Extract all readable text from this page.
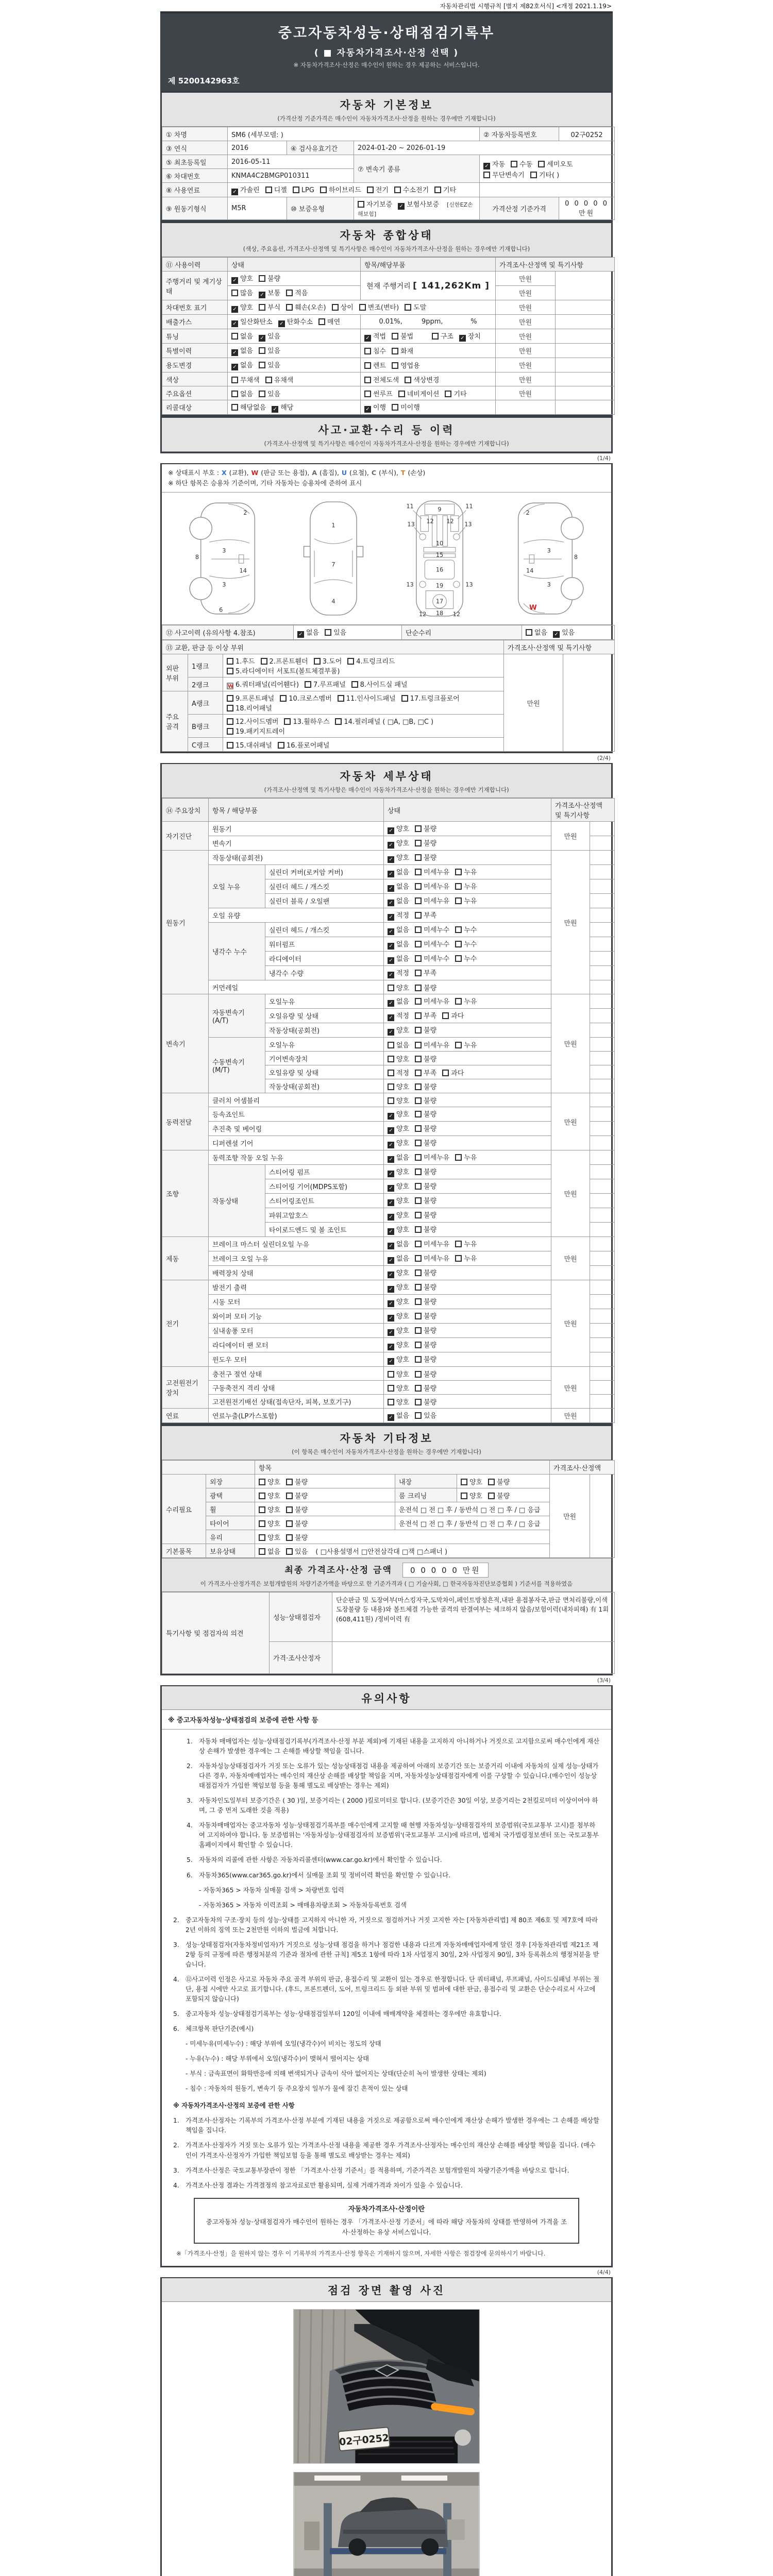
자동차관리법 시행규칙 [별지 제82호서식] <개정 2021.1.19>
중고자동차성능·상태점검기록부
( ■ 자동차가격조사·산정 선택 )
※ 자동차가격조사·산정은 매수인이 원하는 경우 제공하는 서비스입니다.
제 5200142963호
자동차 기본정보
(가격산정 기준가격은 매수인이 자동차가격조사·산정을 원하는 경우에만 기재합니다)
① 차명	SM6 (세부모델: )			② 자동차등록번호	02구0252
③ 연식	2016	④ 검사유효기간	2024-01-20 ~ 2026-01-19		
⑤ 최초등록일	2016-05-11		⑦ 변속기 종류	✓ 자동 수동 세미오토
무단변속기 기타( )	

⑥ 차대번호	KNMA4C2BMGP010311				
⑧ 사용연료	✓ 가솔린 디젤 LPG 하이브리드 전기 수소전기 기타				
⑨ 원동기형식	M5R	⑩ 보증유형	자기보증 ✓ 보험사보증 [신한EZ손해보험]	가격산정 기준가격	0 0 0 0 0 만원
자동차 종합상태
(색상, 주요옵션, 가격조사·산정액 및 특기사항은 매수인이 자동차가격조사·산정을 원하는 경우에만 기재합니다)
⑪ 사용이력	상태	항목/해당부품	가격조사·산정액 및 특기사항	
주행거리 및 계기상태	✓ 양호 불량	현재 주행거리 [ 141,262Km ]	만원	
	많음 ✓ 보통 적음		만원	
차대번호 표기	✓ 양호 부식 훼손(오손) 상이 변조(변타) 도말		만원	
배출가스	✓ 일산화탄소 ✓ 탄화수소 매연	0.01%,         9ppm,             %	만원	
튜닝	없음 ✓ 있음	✓ 적법 불법 구조 ✓ 장치	만원	
특별이력	✓ 없음 있음	침수 화재	만원	
용도변경	✓ 없음 있음	렌트 영업용	만원	
색상	무채색 유채색	전체도색 색상변경	만원	
주요옵션	없음 있음	썬루프 네비게이션 기타	만원	
리콜대상	해당없음 ✓ 해당	✓ 이행 미이행		
사고·교환·수리 등 이력
(가격조사·산정액 및 특기사항은 매수인이 자동차가격조사·산정을 원하는 경우에만 기재합니다)
(1/4)
※ 상태표시 부호 : X (교환), W (판금 또는 용접), A (흠집), U (요철), C (부식), T (손상)
※ 하단 항목은 승용차 기준이며, 기타 자동차는 승용차에 준하여 표시
2
8
3
14
3
6
1
7
4
11	9	11
13 12 12 13
10
15
16
13	19	13
12
17
12
18
2
3
8
14
3
W
⑫ 사고이력 (유의사항 4.참조)	✓ 없음 있음	단순수리	없음 ✓ 있음
⑬ 교환, 판금 등 이상 부위			가격조사·산정액 및 특기사항	
외판부위	1랭크	1.후드 2.프론트휀더 3.도어 4.트렁크리드
5.라디에이터 서포트(볼트체결부품)	만원	
	2랭크	W 6.쿼터패널(리어휀다) 7.루프패널 8.사이드실 패널		

주요골격	A랭크	9.프론트패널 10.크로스멤버 11.인사이드패널 17.트렁크플로어
18.리어패널		

	B랭크	12.사이드멤버 13.휠하우스 14.필러패널 ( □A, □B, □C )
19.패키지트레이		

	C랭크	15.대쉬패널 16.플로어패널		
(2/4)
자동차 세부상태
(가격조사·산정액 및 특기사항은 매수인이 자동차가격조사·산정을 원하는 경우에만 기재합니다)
⑭ 주요장치	항목 / 해당부품		상태	가격조사·산정액 및 특기사항	
자기진단	원동기		✓ 양호 불량	만원	
	변속기		✓ 양호 불량		
원동기	작동상태(공회전)		✓ 양호 불량	만원	
	오일 누유	실린더 커버(로커암 커버)	✓ 없음 미세누유 누유		
		실린더 헤드 / 개스킷	✓ 없음 미세누유 누유		
		실린더 블록 / 오일팬	✓ 없음 미세누유 누유		
	오일 유량		✓ 적정 부족		
	냉각수 누수	실린더 헤드 / 개스킷	✓ 없음 미세누수 누수		
		워터펌프	✓ 없음 미세누수 누수		
		라디에이터	✓ 없음 미세누수 누수		
		냉각수 수량	✓ 적정 부족		
	커먼레일		양호 불량		
변속기	자동변속기 (A/T)	오일누유	✓ 없음 미세누유 누유	만원	
		오일유량 및 상태	✓ 적정 부족 과다		
		작동상태(공회전)	✓ 양호 불량		
	수동변속기 (M/T)	오일누유	없음 미세누유 누유		
		기어변속장치	양호 불량		
		오일유량 및 상태	적정 부족 과다		
		작동상태(공회전)	양호 불량		
동력전달	클러치 어셈블리		양호 불량	만원	
	등속죠인트		✓ 양호 불량		
	추진축 및 베어링		✓ 양호 불량		
	디퍼렌셜 기어		✓ 양호 불량		
조향	동력조향 작동 오일 누유		✓ 없음 미세누유 누유	만원	
	작동상태	스티어링 펌프	✓ 양호 불량		
		스티어링 기어(MDPS포함)	✓ 양호 불량		
		스티어링조인트	✓ 양호 불량		
		파워고압호스	✓ 양호 불량		
		타이로드엔드 및 볼 조인트	✓ 양호 불량		
제동	브레이크 마스터 실린더오일 누유		✓ 없음 미세누유 누유	만원	
	브레이크 오일 누유		✓ 없음 미세누유 누유		
	배력장치 상태		✓ 양호 불량		
전기	발전기 출력		✓ 양호 불량	만원	
	시동 모터		✓ 양호 불량		
	와이퍼 모터 기능		✓ 양호 불량		
	실내송풍 모터		✓ 양호 불량		
	라디에이터 팬 모터		✓ 양호 불량		
	윈도우 모터		✓ 양호 불량		
고전원전기장치	충전구 절연 상태		양호 불량	만원	
	구동축전지 격리 상태		양호 불량		
	고전원전기배선 상태(접속단자, 피복, 보호기구)		양호 불량		
연료	연료누출(LP가스포함)		✓ 없음 있음	만원	
자동차 기타정보
(이 항목은 매수인이 자동차가격조사·산정을 원하는 경우에만 기재합니다)
		항목			가격조사·산정액	
수리필요	외장	양호 불량	내장	양호 불량	만원	
	광택	양호 불량	룸 크리닝	양호 불량		
	휠	양호 불량	운전석 □ 전 □ 후 / 동반석 □ 전 □ 후 / □ 응급			
	타이어	양호 불량	운전석 □ 전 □ 후 / 동반석 □ 전 □ 후 / □ 응급			
	유리	양호 불량				
기본품목	보유상태	없음 있음 ( □사용설명서 □안전삼각대 □잭 □스패너 )				
최종 가격조사·산정 금액 0 0 0 0 0 만원
이 가격조사·산정가격은 보험개발원의 차량기준가액을 바탕으로 한 기준가격과 ( □ 기술사회, □ 한국자동차진단보증협회 ) 기준서를 적용하였음
특기사항 및 점검자의 의견	성능·상태점검자	단순판금 및 도장여부(마스킹자국,도막차이,페인트방청흔적,내판 용접봉자국,판금 면처리불량,이색도장불량 등 내용)와 볼트체결 가능한 골격의 판결여부는 체크하지 않음/보험이력(내차피해) 有 1회 (608,411원) /정비이력 有
	가격·조사산정자	
(3/4)
유의사항
※ 중고자동차성능·상태점검의 보증에 관한 사항 등
1. 자동차 매매업자는 성능·상태점검기록부(가격조사·산정 부분 제외)에 기재된 내용을 고지하지 아니하거나 거짓으로 고지함으로써 매수인에게 재산상 손해가 발생한 경우에는 그 손해를 배상할 책임을 집니다.
2. 자동차성능상태점검자가 거짓 또는 오류가 있는 성능상태점검 내용을 제공하여 아래의 보증기간 또는 보증거리 이내에 자동차의 실제 성능·상태가 다른 경우, 자동차매매업자는 매수인의 재산상 손해를 배상할 책임을 지며, 자동차성능상태점검자에게 이를 구상할 수 있습니다.(매수인이 성능상태점검자가 가입한 책임보험 등을 통해 별도로 배상받는 경우는 제외)
3. 자동차인도일부터 보증기간은 ( 30 )일, 보증거리는 ( 2000 )킬로미터로 합니다. (보증기간은 30일 이상, 보증거리는 2천킬로미터 이상이어야 하며, 그 중 먼저 도래한 것을 적용)
4. 자동차매매업자는 중고자동차 성능·상태점검기록부를 매수인에게 고지할 때 현행 자동차성능·상태점검자의 보증범위(국토교통부 고시)를 첨부하여 고지하여야 합니다. 동 보증범위는 '자동차성능·상태점검자의 보증범위'(국토교통부 고시)에 따르며, 법제처 국가법령정보센터 또는 국토교통부 홈페이지에서 확인할 수 있습니다.
5. 자동차의 리콜에 관한 사항은 자동차리콜센터(www.car.go.kr)에서 확인할 수 있습니다.
6. 자동차365(www.car365.go.kr)에서 실매물 조회 및 정비이력 확인을 확인할 수 있습니다.
- 자동차365 > 자동차 실매물 검색 > 차량번호 입력
- 자동차365 > 자동차 이력조회 > 매매용차량조회 > 자동차등록번호 검색
2. 중고자동차의 구조·장치 등의 성능·상태를 고지하지 아니한 자, 거짓으로 점검하거나 거짓 고지한 자는 [자동차관리법] 제 80조 제6호 및 제7호에 따라 2년 이하의 징역 또는 2천만원 이하의 벌금에 처합니다.
3. 성능·상태점검자(자동차정비업자)가 거짓으로 성능·상태 점검을 하거나 점검한 내용과 다르게 자동차매매업자에게 알린 경우 [자동차관리법 제21조 제2항 등의 규정에 따른 행정처분의 기준과 절차에 관한 규칙] 제5조 1항에 따라 1차 사업정지 30일, 2차 사업정지 90일, 3차 등록취소의 행정처분을 받습니다.
4. ⑫사고이력 인정은 사고로 자동차 주요 골격 부위의 판금, 용접수리 및 교환이 있는 경우로 한정합니다. 단 쿼터패널, 루프패널, 사이드실패널 부위는 절단, 용접 시에만 사고로 표기합니다. (후드, 프론트펜더, 도어, 트렁크리드 등 외판 부위 및 범퍼에 대한 판금, 용접수리 및 교환은 단순수리로서 사고에 포함되지 않습니다)
5. 중고자동차 성능·상태점검기록부는 성능·상태점검일부터 120일 이내에 매매계약을 체결하는 경우에만 유효합니다.
6. 체크항목 판단기준(예시)
- 미세누유(미세누수) : 해당 부위에 오일(냉각수)이 비치는 정도의 상태
- 누유(누수) : 해당 부위에서 오일(냉각수)이 맺혀서 떨어지는 상태
- 부식 : 금속표면이 화학반응에 의해 변색되거나 금속이 삭아 없어지는 상태(단순히 녹이 발생한 상태는 제외)
- 침수 : 자동차의 원동기, 변속기 등 주요장치 일부가 물에 잠긴 흔적이 있는 상태
※ 자동차가격조사·산정의 보증에 관한 사항
1. 가격조사·산정자는 기록부의 가격조사·산정 부분에 기재된 내용을 거짓으로 제공함으로써 매수인에게 재산상 손해가 발생한 경우에는 그 손해를 배상할 책임을 집니다.
2. 가격조사·산정자가 거짓 또는 오류가 있는 가격조사·산정 내용을 제공한 경우 가격조사·산정자는 매수인의 재산상 손해를 배상할 책임을 집니다. (매수인이 가격조사·산정자가 가입한 책임보험 등을 통해 별도로 배상받는 경우는 제외)
3. 가격조사·산정은 국토교통부장관이 정한 「가격조사·산정 기준서」를 적용하며, 기준가격은 보험개발원의 차량기준가액을 바탕으로 합니다.
4. 가격조사·산정 결과는 가격결정의 참고자료로만 활용되며, 실제 거래가격과 차이가 있을 수 있습니다.
자동차가격조사·산정이란
중고자동차 성능·상태점검자가 매수인이 원하는 경우 「가격조사·산정 기준서」에 따라 해당 자동차의 상태를 반영하여 가격을 조사·산정하는 유상 서비스입니다.
※「가격조사·산정」을 원하지 않는 경우 이 기록부의 가격조사·산정 항목은 기재하지 않으며, 자세한 사항은 점검장에 문의하시기 바랍니다.
(4/4)
점검 장면 촬영 사진
02구0252
